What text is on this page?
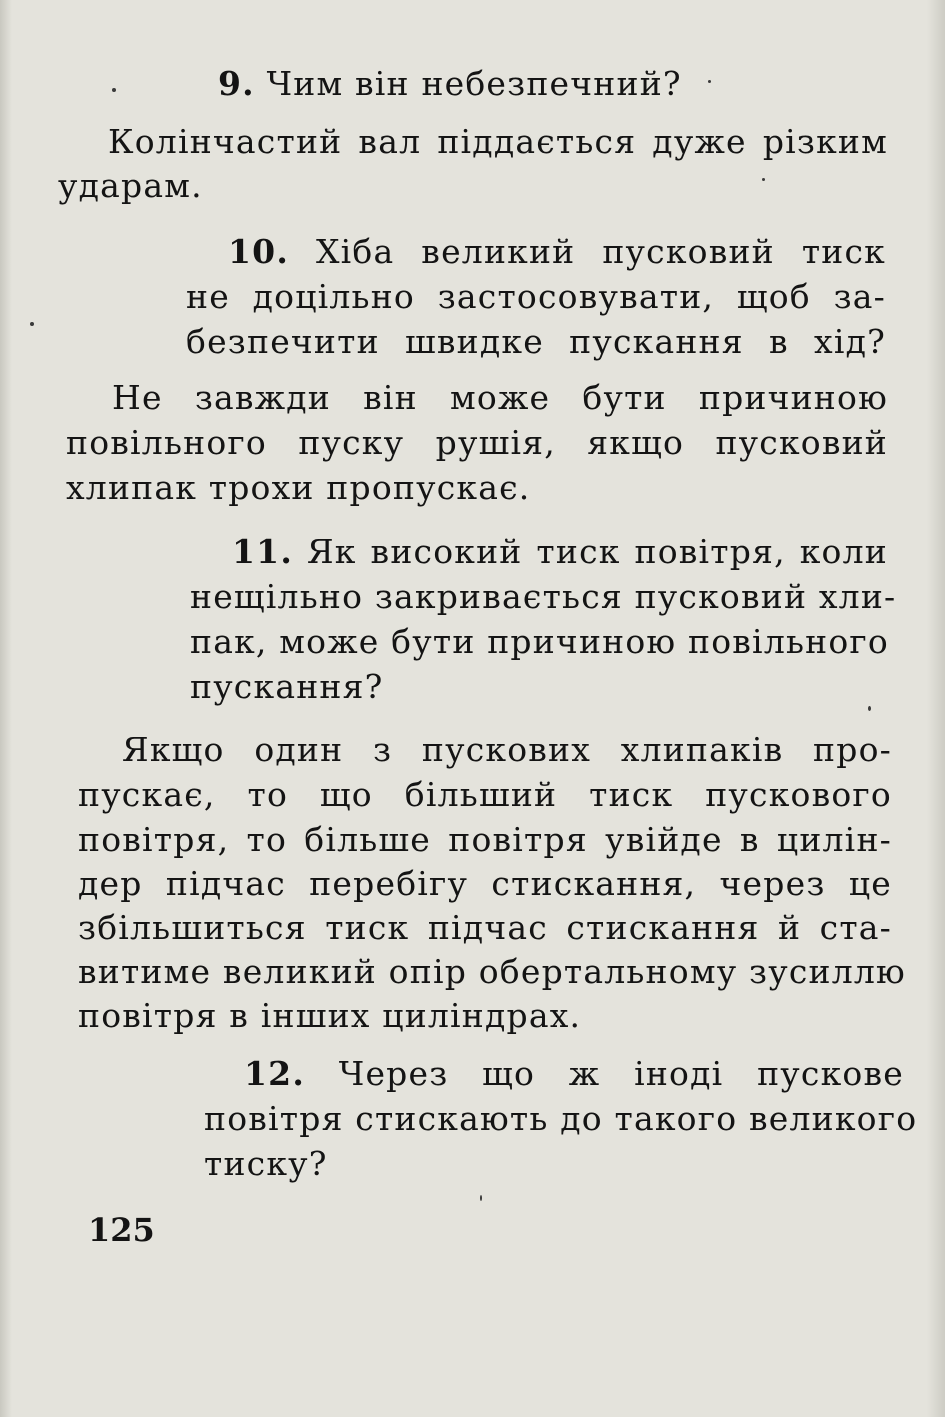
9. Чим він небезпечний?
Колінчастий вал піддається дуже різким
ударам.
10. Хіба великий пусковий тиск
не доцільно застосовувати, щоб за-
безпечити швидке пускання в хід?
Не завжди він може бути причиною
повільного пуску рушія, якщо пусковий
хлипак трохи пропускає.
11. Як високий тиск повітря, коли
нещільно закривається пусковий хли-
пак, може бути причиною повільного
пускання?
Якщо один з пускових хлипаків про-
пускає, то що більший тиск пускового
повітря, то більше повітря увійде в цилін-
дер підчас перебігу стискання, через це
збільшиться тиск підчас стискання й ста-
витиме великий опір обертальному зусиллю
повітря в інших циліндрах.
12. Через що ж іноді пускове
повітря стискають до такого великого
тиску?
125
